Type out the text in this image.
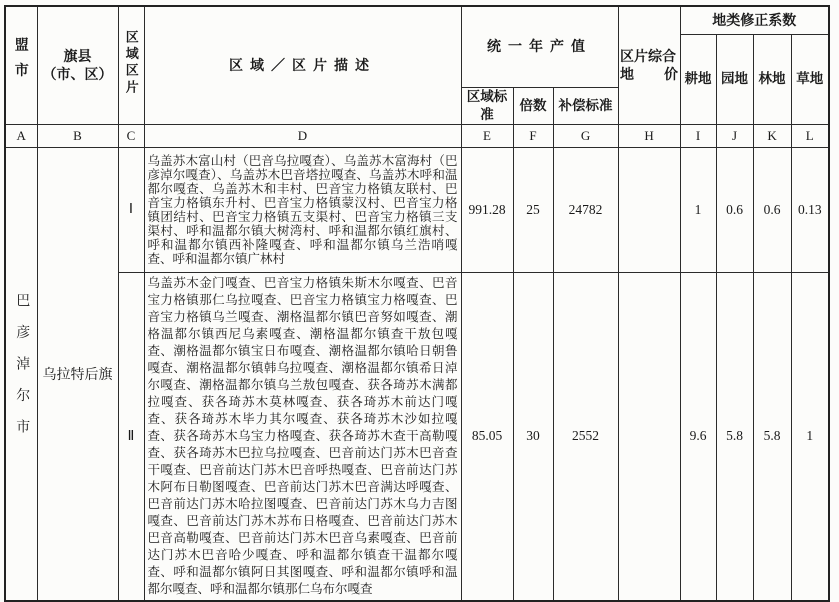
盟市	旗县
（市、区）	区域区片	区域／区片描述	统一年产值			区片综合
地价	地类修正系数			
								耕地	园地	林地	草地
				区域标准	倍数	补偿标准					
A	B	C	D	E	F	G	H	I	J	K	L
巴彦淖尔市	乌拉特后旗	Ⅰ	乌盖苏木富山村（巴音乌拉嘎查）、乌盖苏木富海村（巴彦淖尔嘎查）、乌盖苏木巴音塔拉嘎查、乌盖苏木呼和温都尔嘎查、乌盖苏木和丰村、巴音宝力格镇友联村、巴音宝力格镇东升村、巴音宝力格镇蒙汉村、巴音宝力格镇团结村、巴音宝力格镇五支渠村、巴音宝力格镇三支渠村、呼和温都尔镇大树湾村、呼和温都尔镇红旗村、呼和温都尔镇西补隆嘎查、呼和温都尔镇乌兰浩哨嘎查、呼和温都尔镇广林村	991.28	25	24782		1	0.6	0.6	0.13
		Ⅱ	乌盖苏木金门嘎查、巴音宝力格镇朱斯木尔嘎查、巴音宝力格镇那仁乌拉嘎查、巴音宝力格镇宝力格嘎查、巴音宝力格镇乌兰嘎查、潮格温都尔镇巴音努如嘎查、潮格温都尔镇西尼乌素嘎查、潮格温都尔镇查干敖包嘎查、潮格温都尔镇宝日布嘎查、潮格温都尔镇哈日朝鲁嘎查、潮格温都尔镇韩乌拉嘎查、潮格温都尔镇希日淖尔嘎查、潮格温都尔镇乌兰敖包嘎查、获各琦苏木满都拉嘎查、获各琦苏木莫林嘎查、获各琦苏木前达门嘎查、获各琦苏木毕力其尔嘎查、获各琦苏木沙如拉嘎查、获各琦苏木乌宝力格嘎查、获各琦苏木查干高勒嘎查、获各琦苏木巴拉乌拉嘎查、巴音前达门苏木巴音查干嘎查、巴音前达门苏木巴音呼热嘎查、巴音前达门苏木阿布日勒图嘎查、巴音前达门苏木巴音满达呼嘎查、巴音前达门苏木哈拉图嘎查、巴音前达门苏木乌力吉图嘎查、巴音前达门苏木苏布日格嘎查、巴音前达门苏木巴音高勒嘎查、巴音前达门苏木巴音乌素嘎查、巴音前达门苏木巴音哈少嘎查、呼和温都尔镇查干温都尔嘎查、呼和温都尔镇阿日其图嘎查、呼和温都尔镇呼和温都尔嘎查、呼和温都尔镇那仁乌布尔嘎查	85.05	30	2552		9.6	5.8	5.8	1
